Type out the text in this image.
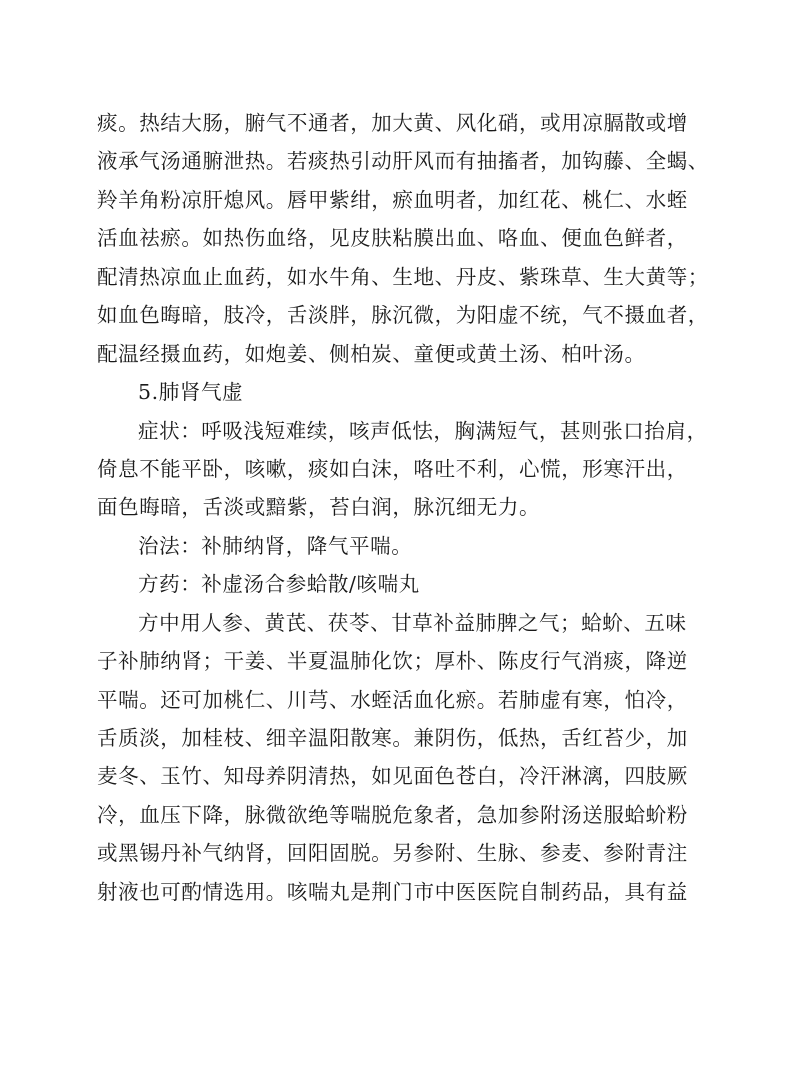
痰。热结大肠，腑气不通者，加大黄、风化硝，或用凉膈散或增
液承气汤通腑泄热。若痰热引动肝风而有抽搐者，加钩藤、全蝎、
羚羊角粉凉肝熄风。唇甲紫绀，瘀血明者，加红花、桃仁、水蛭
活血祛瘀。如热伤血络，见皮肤粘膜出血、咯血、便血色鲜者，
配清热凉血止血药，如水牛角、生地、丹皮、紫珠草、生大黄等；
如血色晦暗，肢冷，舌淡胖，脉沉微，为阳虚不统，气不摄血者，
配温经摄血药，如炮姜、侧柏炭、童便或黄土汤、柏叶汤。
5.肺肾气虚
症状：呼吸浅短难续，咳声低怯，胸满短气，甚则张口抬肩，
倚息不能平卧，咳嗽，痰如白沫，咯吐不利，心慌，形寒汗出，
面色晦暗，舌淡或黯紫，苔白润，脉沉细无力。
治法：补肺纳肾，降气平喘。
方药：补虚汤合参蛤散/咳喘丸
方中用人参、黄芪、茯苓、甘草补益肺脾之气；蛤蚧、五味
子补肺纳肾；干姜、半夏温肺化饮；厚朴、陈皮行气消痰，降逆
平喘。还可加桃仁、川芎、水蛭活血化瘀。若肺虚有寒，怕冷，
舌质淡，加桂枝、细辛温阳散寒。兼阴伤，低热，舌红苔少，加
麦冬、玉竹、知母养阴清热，如见面色苍白，冷汗淋漓，四肢厥
冷，血压下降，脉微欲绝等喘脱危象者，急加参附汤送服蛤蚧粉
或黑锡丹补气纳肾，回阳固脱。另参附、生脉、参麦、参附青注
射液也可酌情选用。咳喘丸是荆门市中医医院自制药品，具有益
